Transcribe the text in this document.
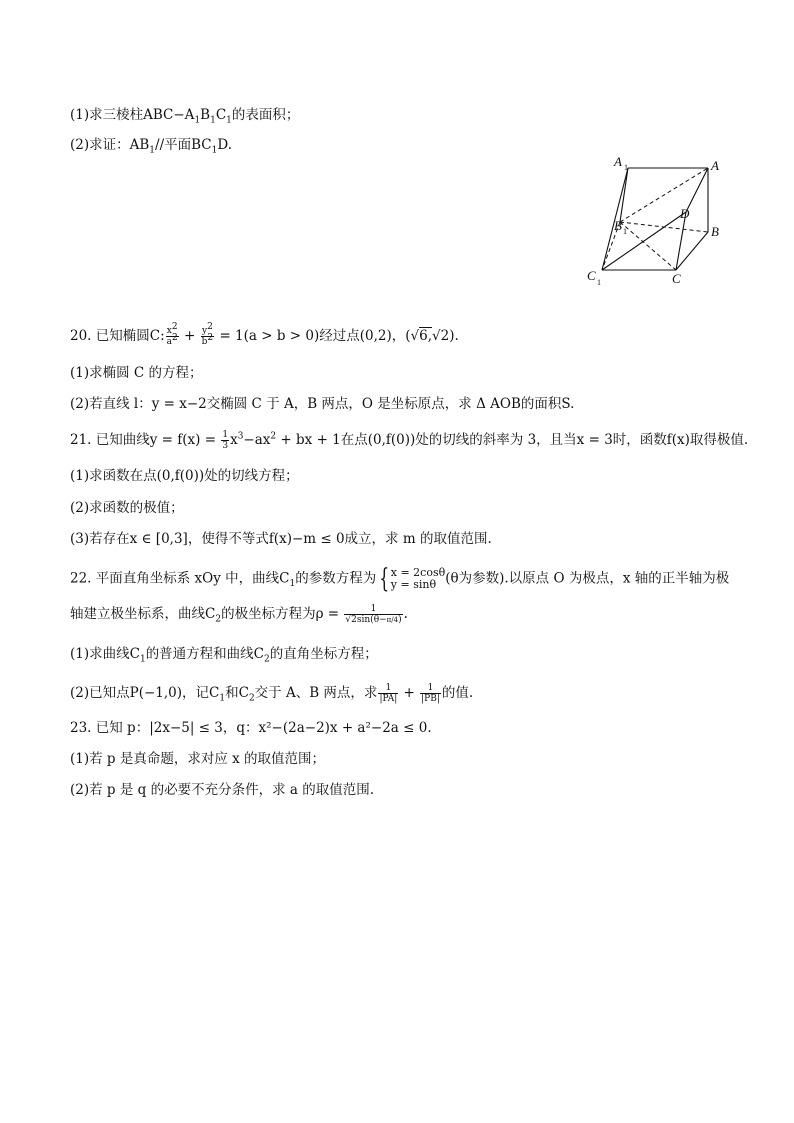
(1)求三棱柱$ABC-A_1B_1C_1$的表面积；
(2)求证：$AB_1//$平面$BC_1D$.
A 1	A
D
B 1	B
C 1	C
20. 已知椭圆C: $\frac{x^2}{a^2} + \frac{y^2}{b^2} = 1(a > b > 0)$经过点(0,2)，(√6,√2).
(1)求椭圆 C 的方程；
(2)若直线 l：y = x−2交椭圆 C 于 A，B 两点，O 是坐标原点，求 Δ AOB的面积S.
21. 已知曲线$y = f(x) = \frac{1}{3} x^3-ax^2$ + bx + 1在点(0,f(0))处的切线的斜率为 3，且当x = 3时，函数f(x)取得极值.
(1)求函数在点(0,f(0))处的切线方程；
(2)求函数的极值；
(3)若存在x ∈ [0,3]，使得不等式f(x)−m ≤ 0成立，求 m 的取值范围.
22. 平面直角坐标系 xOy 中，曲线$C_1$的参数方程为 { x = 2cosθ
y = sinθ (θ为参数).以原点 O 为极点，x 轴的正半轴为极
轴建立极坐标系，曲线$C_2$的极坐标方程为$\rho = \frac{1}{√2\sin(\theta-\pi/4)}$ .
(1)求曲线$C_1$的普通方程和曲线$C_2$的直角坐标方程；
(2)已知点P(−1,0)，记$C_1$和$C_2$交于 A、B 两点，求 $\frac{1}{|PA|} + \frac{1}{|PB|}$ 的值.
23. 已知 p：|2x−5| ≤ 3，q：x²−(2a−2)x + a²−2a ≤ 0.
(1)若 p 是真命题，求对应 x 的取值范围；
(2)若 p 是 q 的必要不充分条件，求 a 的取值范围.
